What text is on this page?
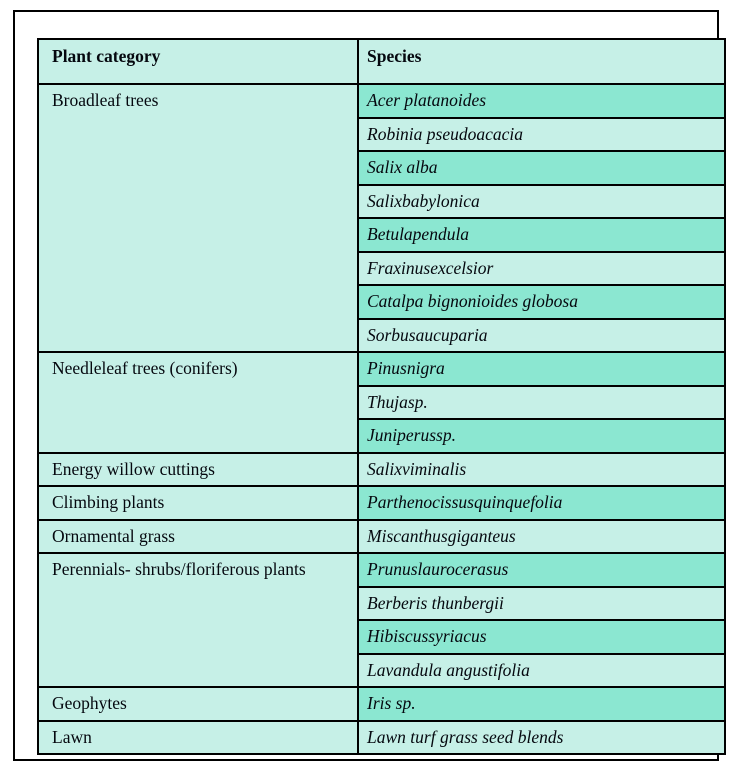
Plant category	Species
Broadleaf trees	Acer platanoides
	Robinia pseudoacacia
	Salix alba
	Salixbabylonica
	Betulapendula
	Fraxinusexcelsior
	Catalpa bignonioides globosa
	Sorbusaucuparia
Needleleaf trees (conifers)	Pinusnigra
	Thujasp.
	Juniperussp.
Energy willow cuttings	Salixviminalis
Climbing plants	Parthenocissusquinquefolia
Ornamental grass	Miscanthusgiganteus
Perennials- shrubs/floriferous plants	Prunuslaurocerasus
	Berberis thunbergii
	Hibiscussyriacus
	Lavandula angustifolia
Geophytes	Iris sp.
Lawn	Lawn turf grass seed blends
